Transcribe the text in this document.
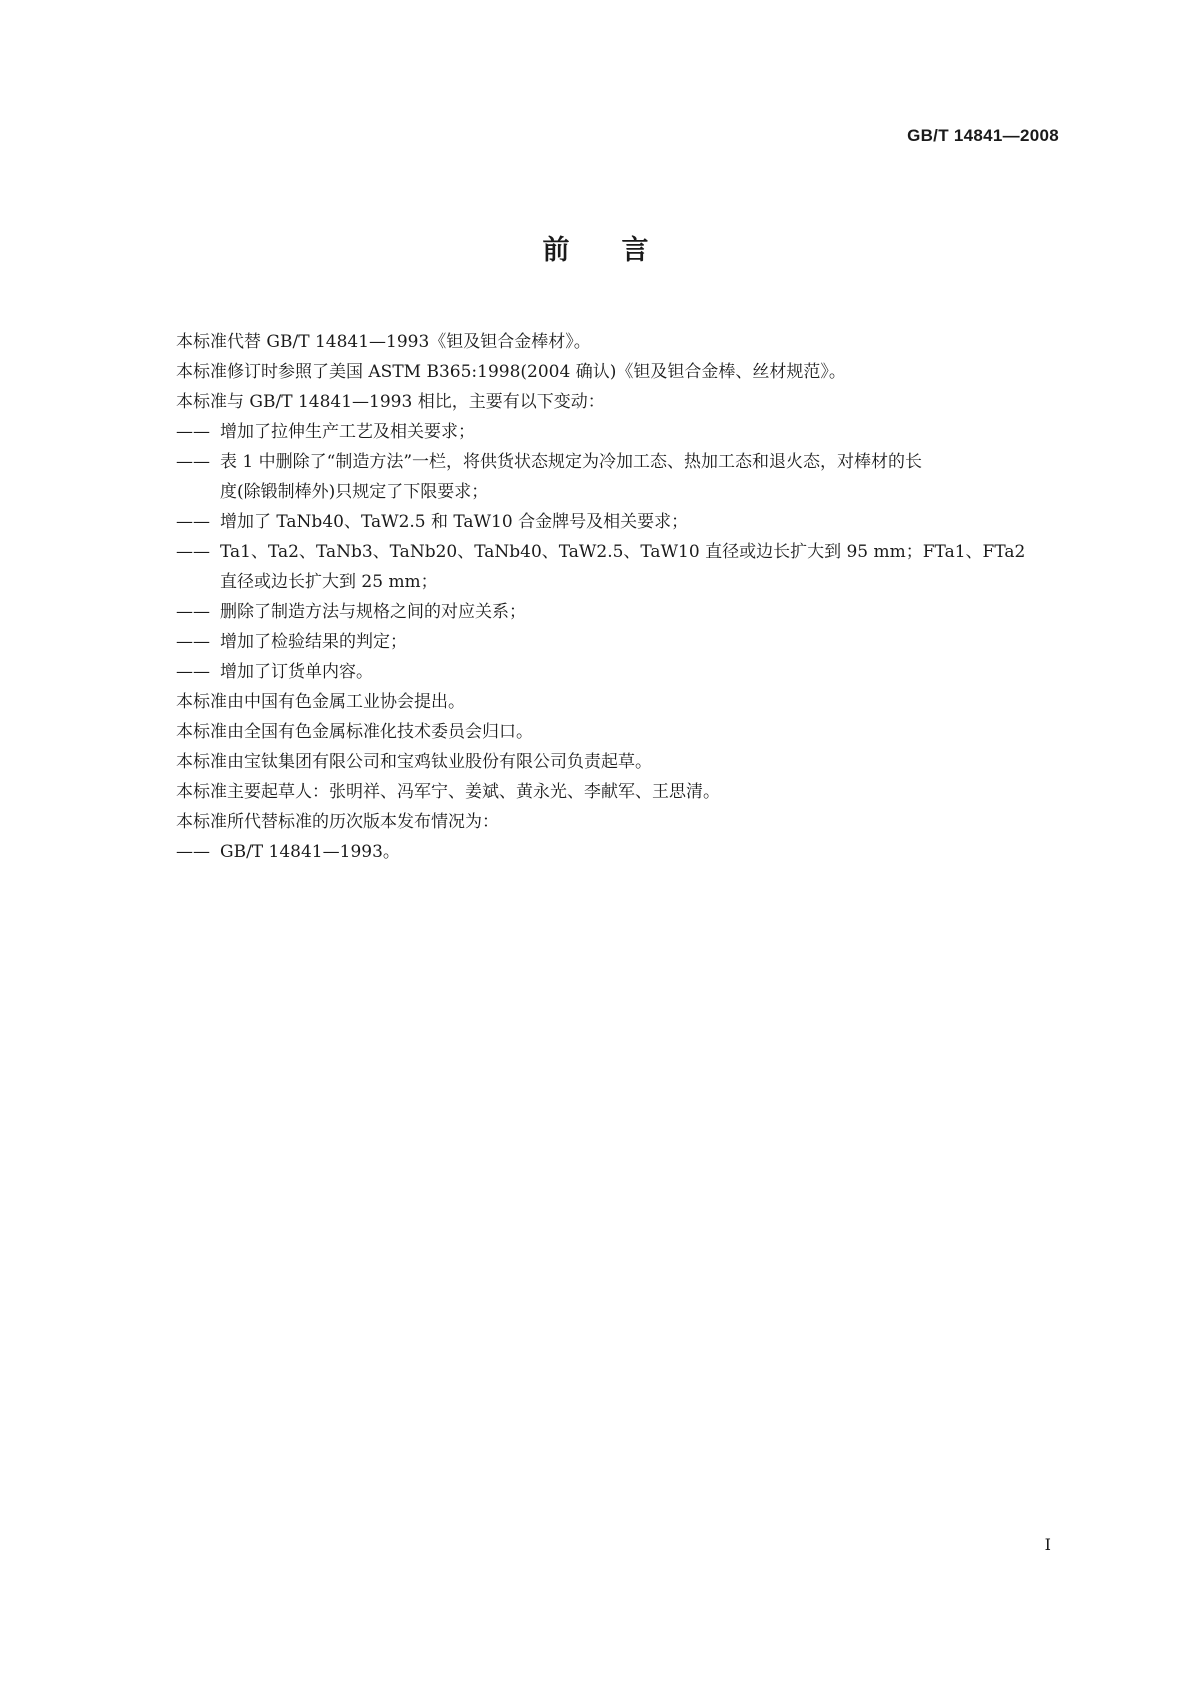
GB/T 14841—2008
前言
本标准代替 GB/T 14841—1993《钽及钽合金棒材》。
本标准修订时参照了美国 ASTM B365:1998(2004 确认)《钽及钽合金棒、丝材规范》。
本标准与 GB/T 14841—1993 相比，主要有以下变动：
—— 增加了拉伸生产工艺及相关要求；
—— 表 1 中删除了“制造方法”一栏，将供货状态规定为冷加工态、热加工态和退火态，对棒材的长
度(除锻制棒外)只规定了下限要求；
—— 增加了 TaNb40、TaW2.5 和 TaW10 合金牌号及相关要求；
—— Ta1、Ta2、TaNb3、TaNb20、TaNb40、TaW2.5、TaW10 直径或边长扩大到 95 mm；FTa1、FTa2
直径或边长扩大到 25 mm；
—— 删除了制造方法与规格之间的对应关系；
—— 增加了检验结果的判定；
—— 增加了订货单内容。
本标准由中国有色金属工业协会提出。
本标准由全国有色金属标准化技术委员会归口。
本标准由宝钛集团有限公司和宝鸡钛业股份有限公司负责起草。
本标准主要起草人：张明祥、冯军宁、姜斌、黄永光、李献军、王思清。
本标准所代替标准的历次版本发布情况为：
—— GB/T 14841—1993。
I
